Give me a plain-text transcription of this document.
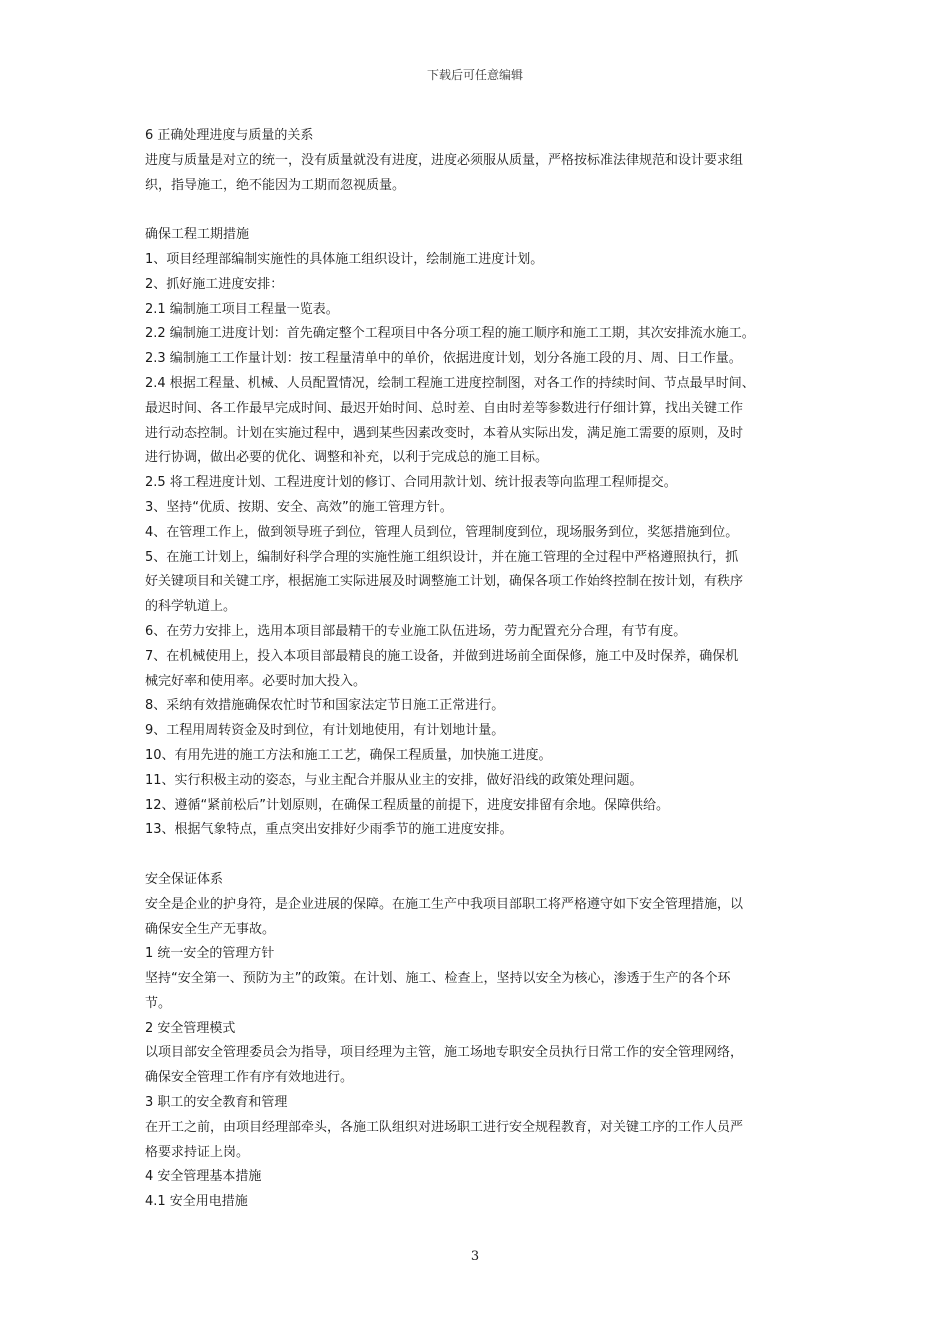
下载后可任意编辑
6 正确处理进度与质量的关系
进度与质量是对立的统一，没有质量就没有进度，进度必须服从质量，严格按标准法律规范和设计要求组
织，指导施工，绝不能因为工期而忽视质量。
确保工程工期措施
1、项目经理部编制实施性的具体施工组织设计，绘制施工进度计划。
2、抓好施工进度安排：
2.1 编制施工项目工程量一览表。
2.2 编制施工进度计划：首先确定整个工程项目中各分项工程的施工顺序和施工工期，其次安排流水施工。
2.3 编制施工工作量计划：按工程量清单中的单价，依据进度计划，划分各施工段的月、周、日工作量。
2.4 根据工程量、机械、人员配置情况，绘制工程施工进度控制图，对各工作的持续时间、节点最早时间、
最迟时间、各工作最早完成时间、最迟开始时间、总时差、自由时差等参数进行仔细计算，找出关键工作
进行动态控制。计划在实施过程中，遇到某些因素改变时，本着从实际出发，满足施工需要的原则，及时
进行协调，做出必要的优化、调整和补充，以利于完成总的施工目标。
2.5 将工程进度计划、工程进度计划的修订、合同用款计划、统计报表等向监理工程师提交。
3、坚持“优质、按期、安全、高效”的施工管理方针。
4、在管理工作上，做到领导班子到位，管理人员到位，管理制度到位，现场服务到位，奖惩措施到位。
5、在施工计划上，编制好科学合理的实施性施工组织设计，并在施工管理的全过程中严格遵照执行，抓
好关键项目和关键工序，根据施工实际进展及时调整施工计划，确保各项工作始终控制在按计划，有秩序
的科学轨道上。
6、在劳力安排上，选用本项目部最精干的专业施工队伍进场，劳力配置充分合理，有节有度。
7、在机械使用上，投入本项目部最精良的施工设备，并做到进场前全面保修，施工中及时保养，确保机
械完好率和使用率。必要时加大投入。
8、采纳有效措施确保农忙时节和国家法定节日施工正常进行。
9、工程用周转资金及时到位，有计划地使用，有计划地计量。
10、有用先进的施工方法和施工工艺，确保工程质量，加快施工进度。
11、实行积极主动的姿态，与业主配合并服从业主的安排，做好沿线的政策处理问题。
12、遵循“紧前松后”计划原则，在确保工程质量的前提下，进度安排留有余地。保障供给。
13、根据气象特点，重点突出安排好少雨季节的施工进度安排。
安全保证体系
安全是企业的护身符，是企业进展的保障。在施工生产中我项目部职工将严格遵守如下安全管理措施，以
确保安全生产无事故。
1 统一安全的管理方针
坚持“安全第一、预防为主”的政策。在计划、施工、检查上，坚持以安全为核心，渗透于生产的各个环
节。
2 安全管理模式
以项目部安全管理委员会为指导，项目经理为主管，施工场地专职安全员执行日常工作的安全管理网络，
确保安全管理工作有序有效地进行。
3 职工的安全教育和管理
在开工之前，由项目经理部牵头，各施工队组织对进场职工进行安全规程教育，对关键工序的工作人员严
格要求持证上岗。
4 安全管理基本措施
4.1 安全用电措施
3
